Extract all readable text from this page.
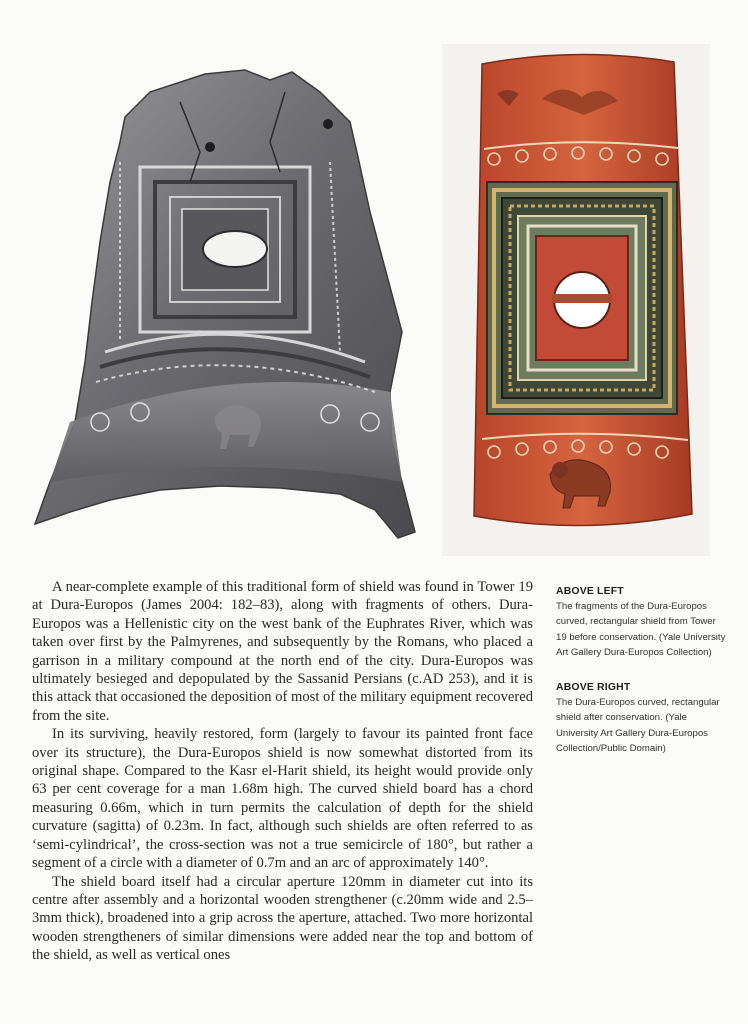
A near-complete example of this traditional form of shield was found in Tower 19 at Dura-Europos (James 2004: 182–83), along with fragments of others. Dura-Europos was a Hellenistic city on the west bank of the Euphrates River, which was taken over first by the Palmyrenes, and subsequently by the Romans, who placed a garrison in a military compound at the north end of the city. Dura-Europos was ultimately besieged and depopulated by the Sassanid Persians (c.AD 253), and it is this attack that occasioned the deposition of most of the military equipment recovered from the site.

In its surviving, heavily restored, form (largely to favour its painted front face over its structure), the Dura-Europos shield is now somewhat distorted from its original shape. Compared to the Kasr el-Harit shield, its height would provide only 63 per cent coverage for a man 1.68m high. The curved shield board has a chord measuring 0.66m, which in turn permits the calculation of depth for the shield curvature (sagitta) of 0.23m. In fact, although such shields are often referred to as ‘semi-cylindrical’, the cross-section was not a true semicircle of 180°, but rather a segment of a circle with a diameter of 0.7m and an arc of approximately 140°.

The shield board itself had a circular aperture 120mm in diameter cut into its centre after assembly and a horizontal wooden strengthener (c.20mm wide and 2.5–3mm thick), broadened into a grip across the aperture, attached. Two more horizontal wooden strengtheners of similar dimensions were added near the top and bottom of the shield, as well as vertical ones

ABOVE LEFT

The fragments of the Dura-Europos curved, rectangular shield from Tower 19 before conservation. (Yale University Art Gallery Dura-Europos Collection)

ABOVE RIGHT

The Dura-Europos curved, rectangular shield after conservation. (Yale University Art Gallery Dura-Europos Collection/Public Domain)
